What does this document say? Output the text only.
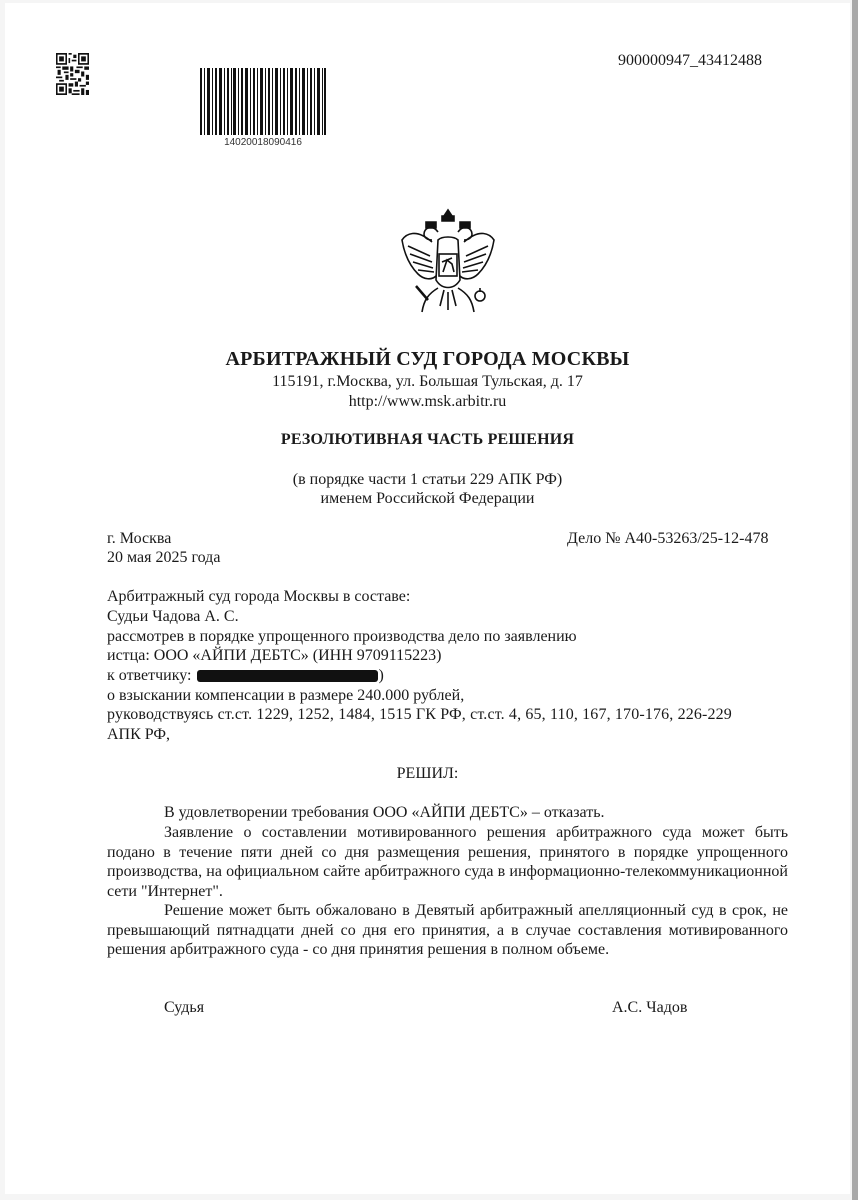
14020018090416
900000947_43412488
АРБИТРАЖНЫЙ СУД ГОРОДА МОСКВЫ
115191, г.Москва, ул. Большая Тульская, д. 17
http://www.msk.arbitr.ru
РЕЗОЛЮТИВНАЯ ЧАСТЬ РЕШЕНИЯ
(в порядке части 1 статьи 229 АПК РФ)
именем Российской Федерации
г. Москва
20 мая 2025 года
Дело № А40-53263/25-12-478
Арбитражный суд города Москвы в составе:
Судьи Чадова А. С.
рассмотрев в порядке упрощенного производства дело по заявлению
истца: ООО «АЙПИ ДЕБТС» (ИНН 9709115223)
к ответчику:	)
о взыскании компенсации в размере 240.000 рублей,
руководствуясь ст.ст. 1229, 1252, 1484, 1515 ГК РФ, ст.ст. 4, 65, 110, 167, 170-176, 226-229
АПК РФ,
РЕШИЛ:
В удовлетворении требования ООО «АЙПИ ДЕБТС» – отказать.
Заявление о составлении мотивированного решения арбитражного суда может быть подано в течение пяти дней со дня размещения решения, принятого в порядке упрощенного производства, на официальном сайте арбитражного суда в информационно-телекоммуникационной сети "Интернет".
Решение может быть обжаловано в Девятый арбитражный апелляционный суд в срок, не превышающий пятнадцати дней со дня его принятия, а в случае составления мотивированного решения арбитражного суда - со дня принятия решения в полном объеме.
Судья	А.С. Чадов
